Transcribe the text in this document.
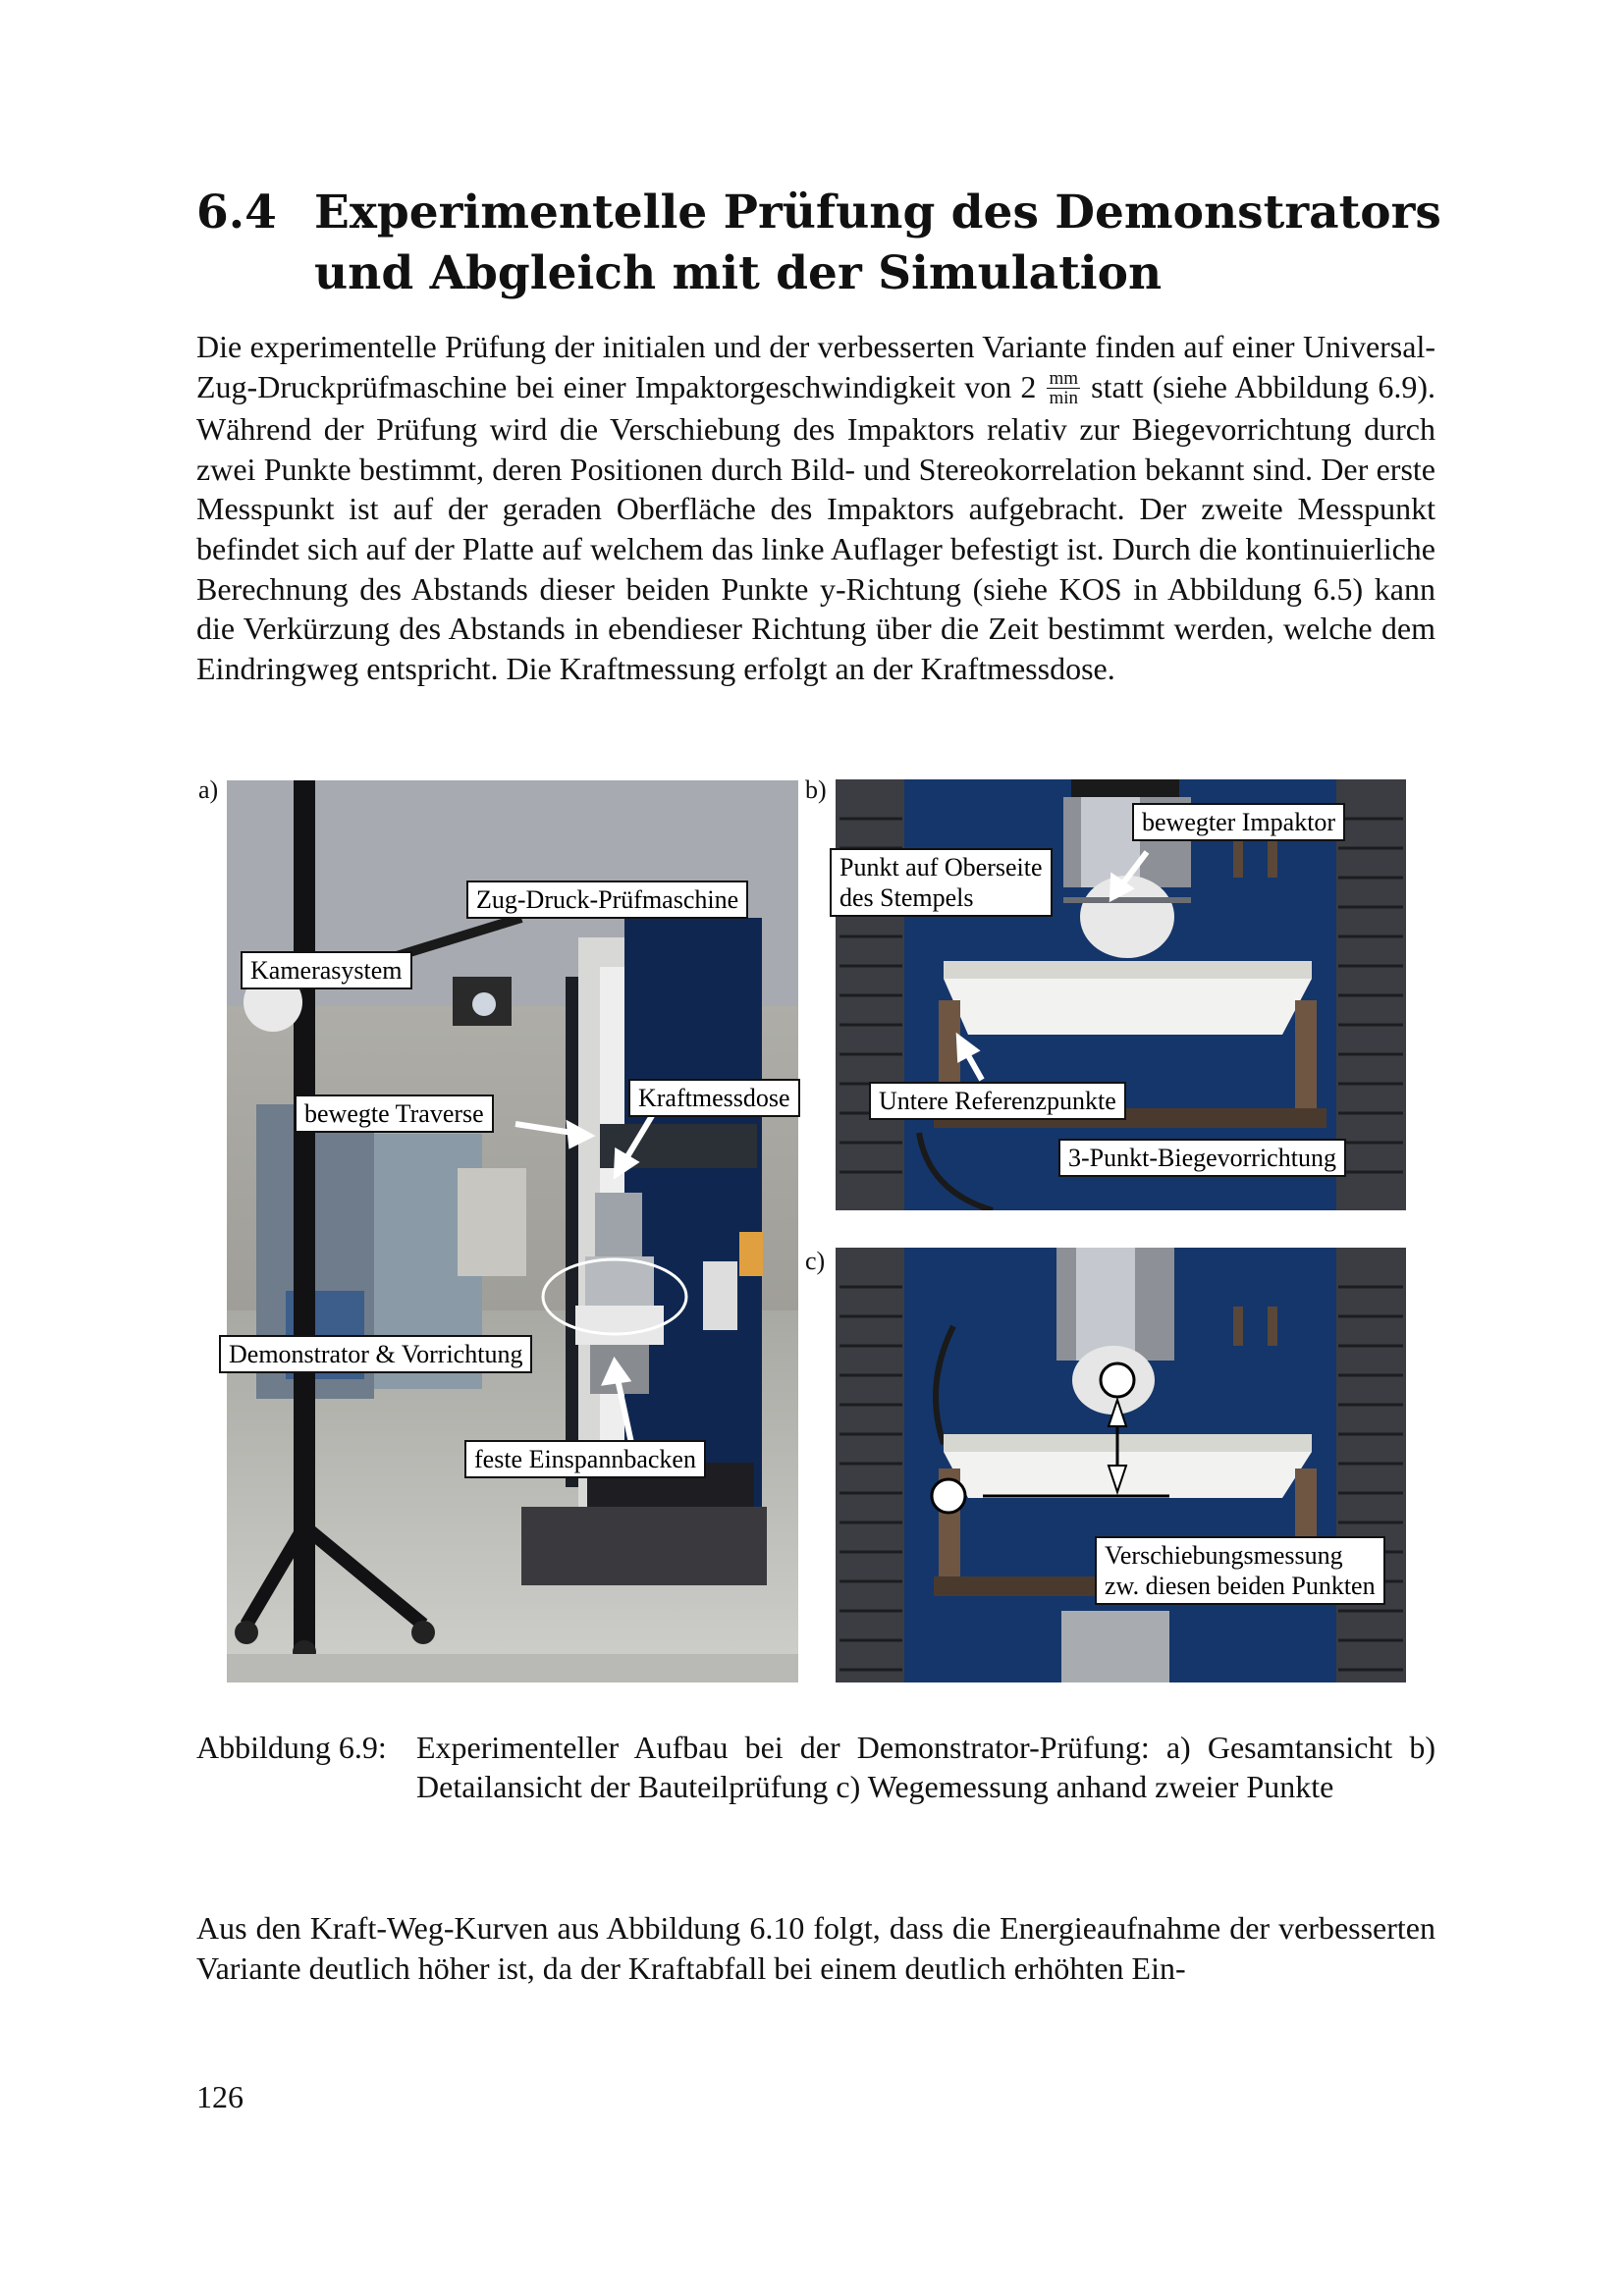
6.4 Experimentelle Prüfung des Demonstrators und Abgleich mit der Simulation
Die experimentelle Prüfung der initialen und der verbesserten Variante finden auf einer Universal-Zug-Druckprüfmaschine bei einer Impaktorgeschwindigkeit von $2 \frac{mm}{\min}$ statt (siehe Abbildung 6.9). Während der Prüfung wird die Verschiebung des Impaktors relativ zur Biegevorrichtung durch zwei Punkte bestimmt, deren Positionen durch Bild- und Stereokorrelation bekannt sind. Der erste Messpunkt ist auf der geraden Oberfläche des Impaktors aufgebracht. Der zweite Messpunkt befindet sich auf der Platte auf welchem das linke Auflager befestigt ist. Durch die kontinuierliche Berechnung des Abstands dieser beiden Punkte y-Richtung (siehe KOS in Abbildung 6.5) kann die Verkürzung des Abstands in ebendieser Richtung über die Zeit bestimmt werden, welche dem Eindringweg entspricht. Die Kraftmessung erfolgt an der Kraftmessdose.
a)	b)
c)
Zug-Druck-Prüfmaschine
Kamerasystem
bewegte Traverse
Kraftmessdose
Demonstrator & Vorrichtung
feste Einspannbacken
bewegter Impaktor
Punkt auf Oberseite
des Stempels
Untere Referenzpunkte
3-Punkt-Biegevorrichtung
Verschiebungsmessung
zw. diesen beiden Punkten
Abbildung 6.9: Experimenteller Aufbau bei der Demonstrator-Prüfung: a) Gesamtansicht b) Detailansicht der Bauteilprüfung c) Wegemessung anhand zweier Punkte
Aus den Kraft-Weg-Kurven aus Abbildung 6.10 folgt, dass die Energieaufnahme der verbesserten Variante deutlich höher ist, da der Kraftabfall bei einem deutlich erhöhten Ein-
126
